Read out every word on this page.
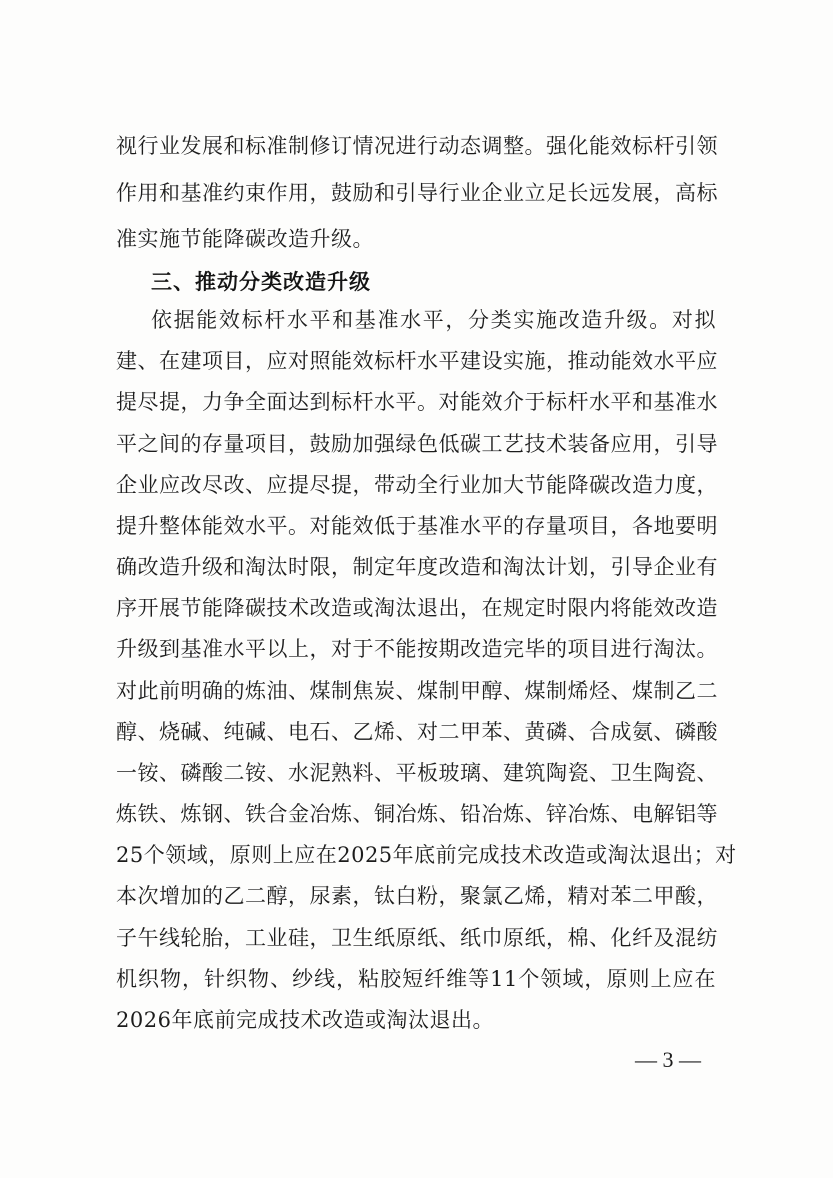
视行业发展和标准制修订情况进行动态调整。强化能效标杆引领
作用和基准约束作用，鼓励和引导行业企业立足长远发展，高标
准实施节能降碳改造升级。
三、推动分类改造升级
依据能效标杆水平和基准水平，分类实施改造升级。对拟
建、在建项目，应对照能效标杆水平建设实施，推动能效水平应
提尽提，力争全面达到标杆水平。对能效介于标杆水平和基准水
平之间的存量项目，鼓励加强绿色低碳工艺技术装备应用，引导
企业应改尽改、应提尽提，带动全行业加大节能降碳改造力度，
提升整体能效水平。对能效低于基准水平的存量项目，各地要明
确改造升级和淘汰时限，制定年度改造和淘汰计划，引导企业有
序开展节能降碳技术改造或淘汰退出，在规定时限内将能效改造
升级到基准水平以上，对于不能按期改造完毕的项目进行淘汰。
对此前明确的炼油、煤制焦炭、煤制甲醇、煤制烯烃、煤制乙二
醇、烧碱、纯碱、电石、乙烯、对二甲苯、黄磷、合成氨、磷酸
一铵、磷酸二铵、水泥熟料、平板玻璃、建筑陶瓷、卫生陶瓷、
炼铁、炼钢、铁合金冶炼、铜冶炼、铅冶炼、锌冶炼、电解铝等
25个领域，原则上应在2025年底前完成技术改造或淘汰退出；对
本次增加的乙二醇，尿素，钛白粉，聚氯乙烯，精对苯二甲酸，
子午线轮胎，工业硅，卫生纸原纸、纸巾原纸，棉、化纤及混纺
机织物，针织物、纱线，粘胶短纤维等11个领域，原则上应在
2026年底前完成技术改造或淘汰退出。
— 3 —
